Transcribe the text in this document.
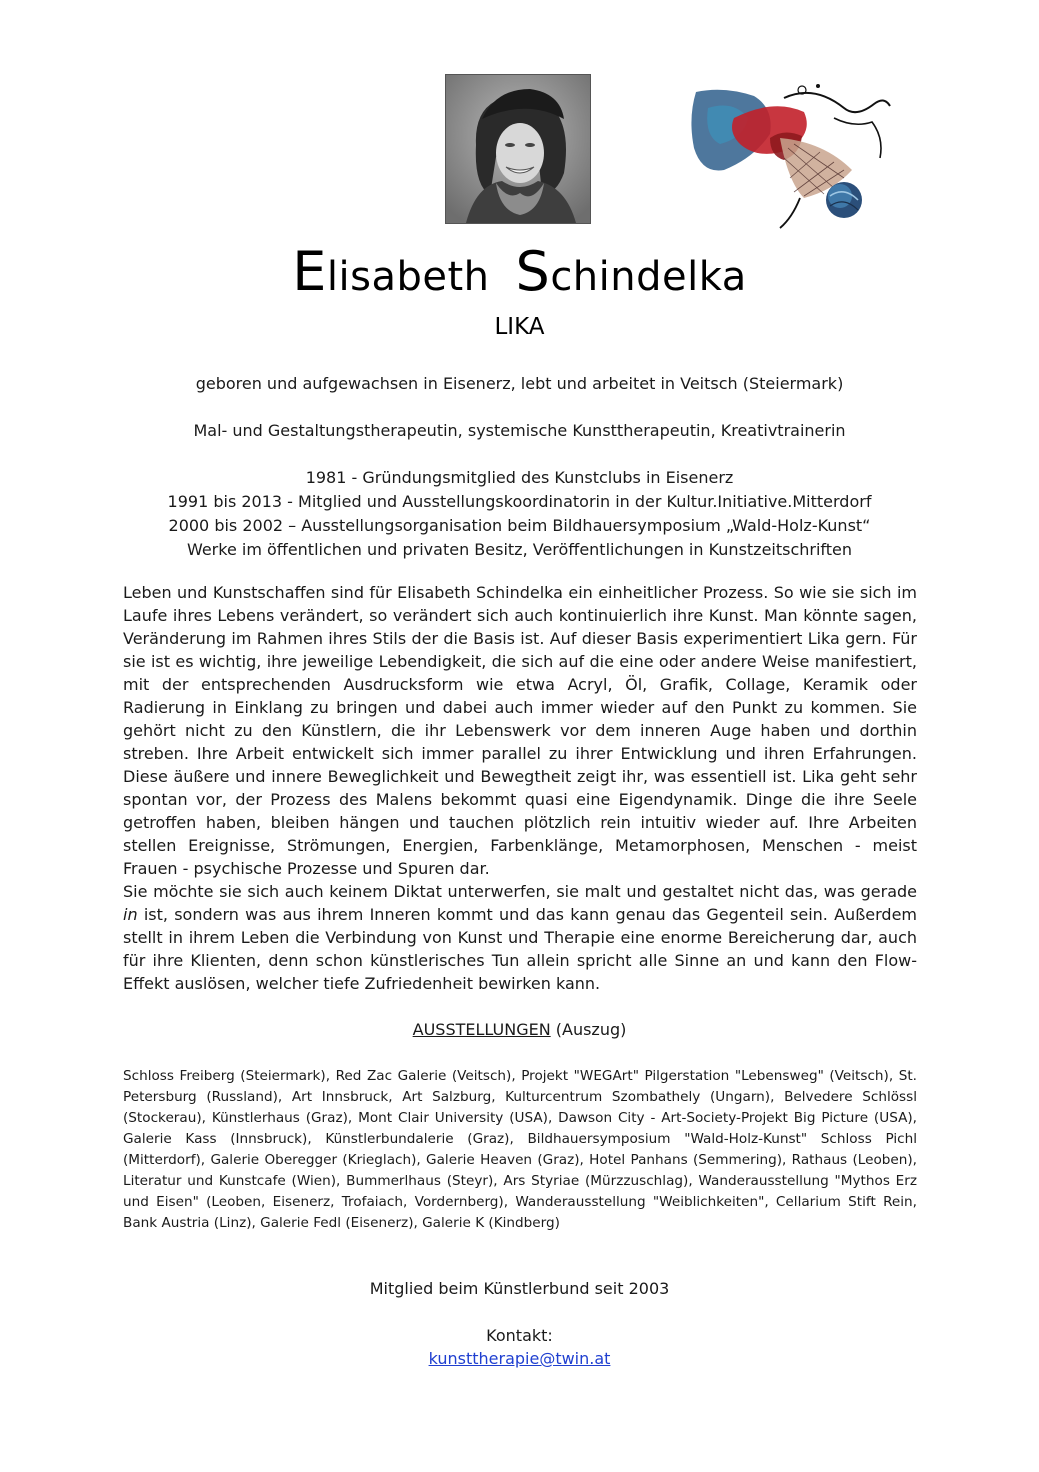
Elisabeth Schindelka
LIKA
geboren und aufgewachsen in Eisenerz, lebt und arbeitet in Veitsch (Steiermark)
Mal- und Gestaltungstherapeutin, systemische Kunsttherapeutin, Kreativtrainerin
1981 - Gründungsmitglied des Kunstclubs in Eisenerz
1991 bis 2013 - Mitglied und Ausstellungskoordinatorin in der Kultur.Initiative.Mitterdorf
2000 bis 2002 – Ausstellungsorganisation beim Bildhauersymposium „Wald-Holz-Kunst“
Werke im öffentlichen und privaten Besitz, Veröffentlichungen in Kunstzeitschriften

Leben und Kunstschaffen sind für Elisabeth Schindelka ein einheitlicher Prozess. So wie sie sich im Laufe ihres Lebens verändert, so verändert sich auch kontinuierlich ihre Kunst. Man könnte sagen, Veränderung im Rahmen ihres Stils der die Basis ist. Auf dieser Basis experimentiert Lika gern. Für sie ist es wichtig, ihre jeweilige Lebendigkeit, die sich auf die eine oder andere Weise manifestiert, mit der entsprechenden Ausdrucksform wie etwa Acryl, Öl, Grafik, Collage, Keramik oder Radierung in Einklang zu bringen und dabei auch immer wieder auf den Punkt zu kommen. Sie gehört nicht zu den Künstlern, die ihr Lebenswerk vor dem inneren Auge haben und dorthin streben. Ihre Arbeit entwickelt sich immer parallel zu ihrer Entwicklung und ihren Erfahrungen. Diese äußere und innere Beweglichkeit und Bewegtheit zeigt ihr, was essentiell ist. Lika geht sehr spontan vor, der Prozess des Malens bekommt quasi eine Eigendynamik. Dinge die ihre Seele getroffen haben, bleiben hängen und tauchen plötzlich rein intuitiv wieder auf. Ihre Arbeiten stellen Ereignisse, Strömungen, Energien, Farbenklänge, Metamorphosen, Menschen - meist Frauen - psychische Prozesse und Spuren dar.

Sie möchte sie sich auch keinem Diktat unterwerfen, sie malt und gestaltet nicht das, was gerade in ist, sondern was aus ihrem Inneren kommt und das kann genau das Gegenteil sein. Außerdem stellt in ihrem Leben die Verbindung von Kunst und Therapie eine enorme Bereicherung dar, auch für ihre Klienten, denn schon künstlerisches Tun allein spricht alle Sinne an und kann den Flow-Effekt auslösen, welcher tiefe Zufriedenheit bewirken kann.

AUSSTELLUNGEN (Auszug)
Schloss Freiberg (Steiermark), Red Zac Galerie (Veitsch), Projekt "WEGArt" Pilgerstation "Lebensweg" (Veitsch), St. Petersburg (Russland), Art Innsbruck, Art Salzburg, Kulturcentrum Szombathely (Ungarn), Belvedere Schlössl (Stockerau), Künstlerhaus (Graz), Mont Clair University (USA), Dawson City - Art-Society-Projekt Big Picture (USA), Galerie Kass (Innsbruck), Künstlerbundalerie (Graz), Bildhauersymposium "Wald-Holz-Kunst" Schloss Pichl (Mitterdorf), Galerie Oberegger (Krieglach), Galerie Heaven (Graz), Hotel Panhans (Semmering), Rathaus (Leoben), Literatur und Kunstcafe (Wien), Bummerlhaus (Steyr), Ars Styriae (Mürzzuschlag), Wanderausstellung "Mythos Erz und Eisen" (Leoben, Eisenerz, Trofaiach, Vordernberg), Wanderausstellung "Weiblichkeiten", Cellarium Stift Rein, Bank Austria (Linz), Galerie Fedl (Eisenerz), Galerie K (Kindberg)
Mitglied beim Künstlerbund seit 2003
Kontakt:
kunsttherapie@twin.at
